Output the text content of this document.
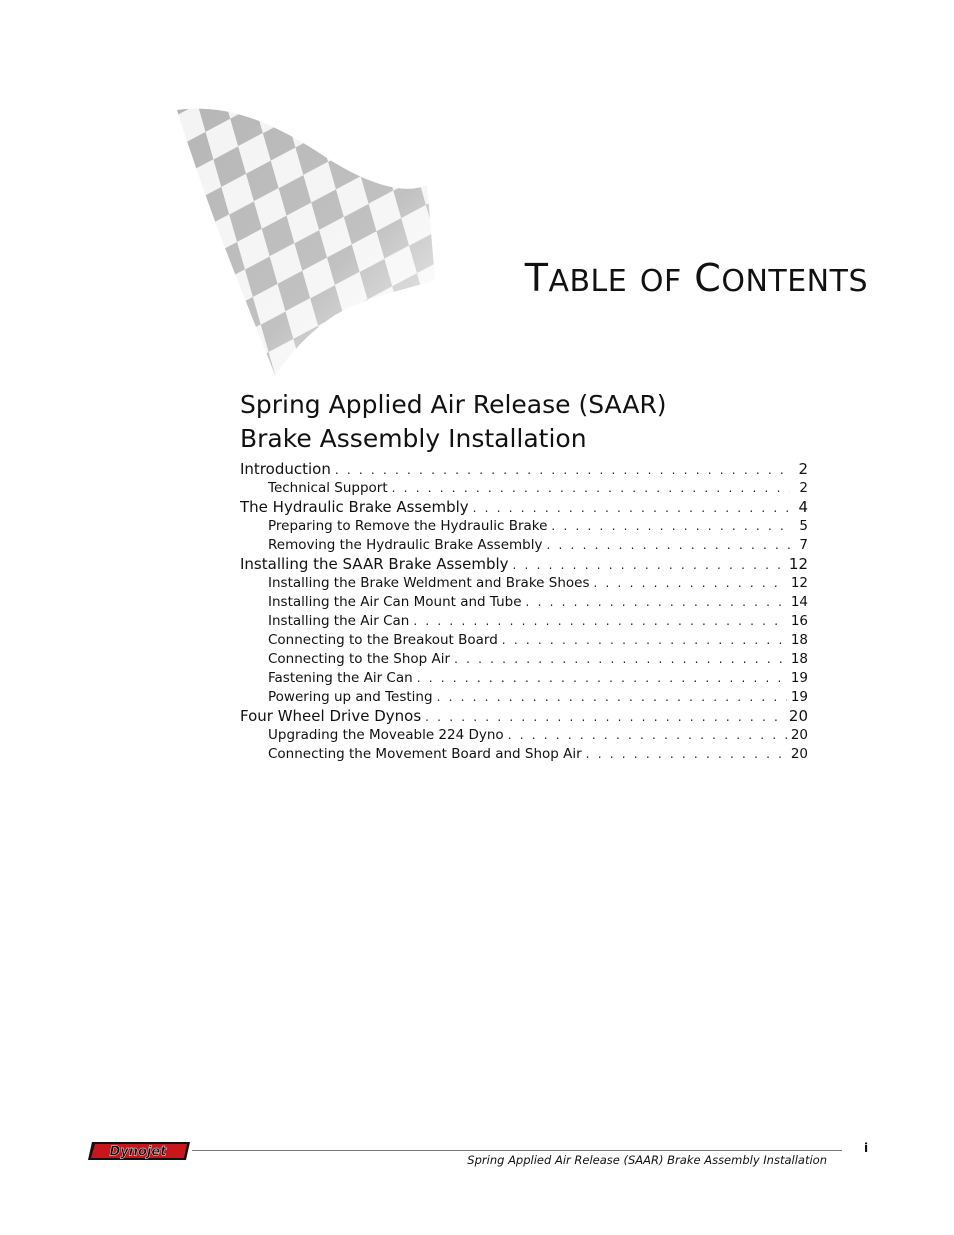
TABLE OF CONTENTS
Spring Applied Air Release (SAAR)
Brake Assembly Installation
Introduction . . .	2
Technical Support . . .	2
The Hydraulic Brake Assembly . . .	4
Preparing to Remove the Hydraulic Brake . . .	5
Removing the Hydraulic Brake Assembly . . .	7
Installing the SAAR Brake Assembly . . .	12
Installing the Brake Weldment and Brake Shoes . . .	12
Installing the Air Can Mount and Tube . . .	14
Installing the Air Can . . .	16
Connecting to the Breakout Board . . .	18
Connecting to the Shop Air . . .	18
Fastening the Air Can . . .	19
Powering up and Testing . . .	19
Four Wheel Drive Dynos . . .	20
Upgrading the Moveable 224 Dyno . . .	20
Connecting the Movement Board and Shop Air . . .	20
Dynojet	i
Spring Applied Air Release (SAAR) Brake Assembly Installation
